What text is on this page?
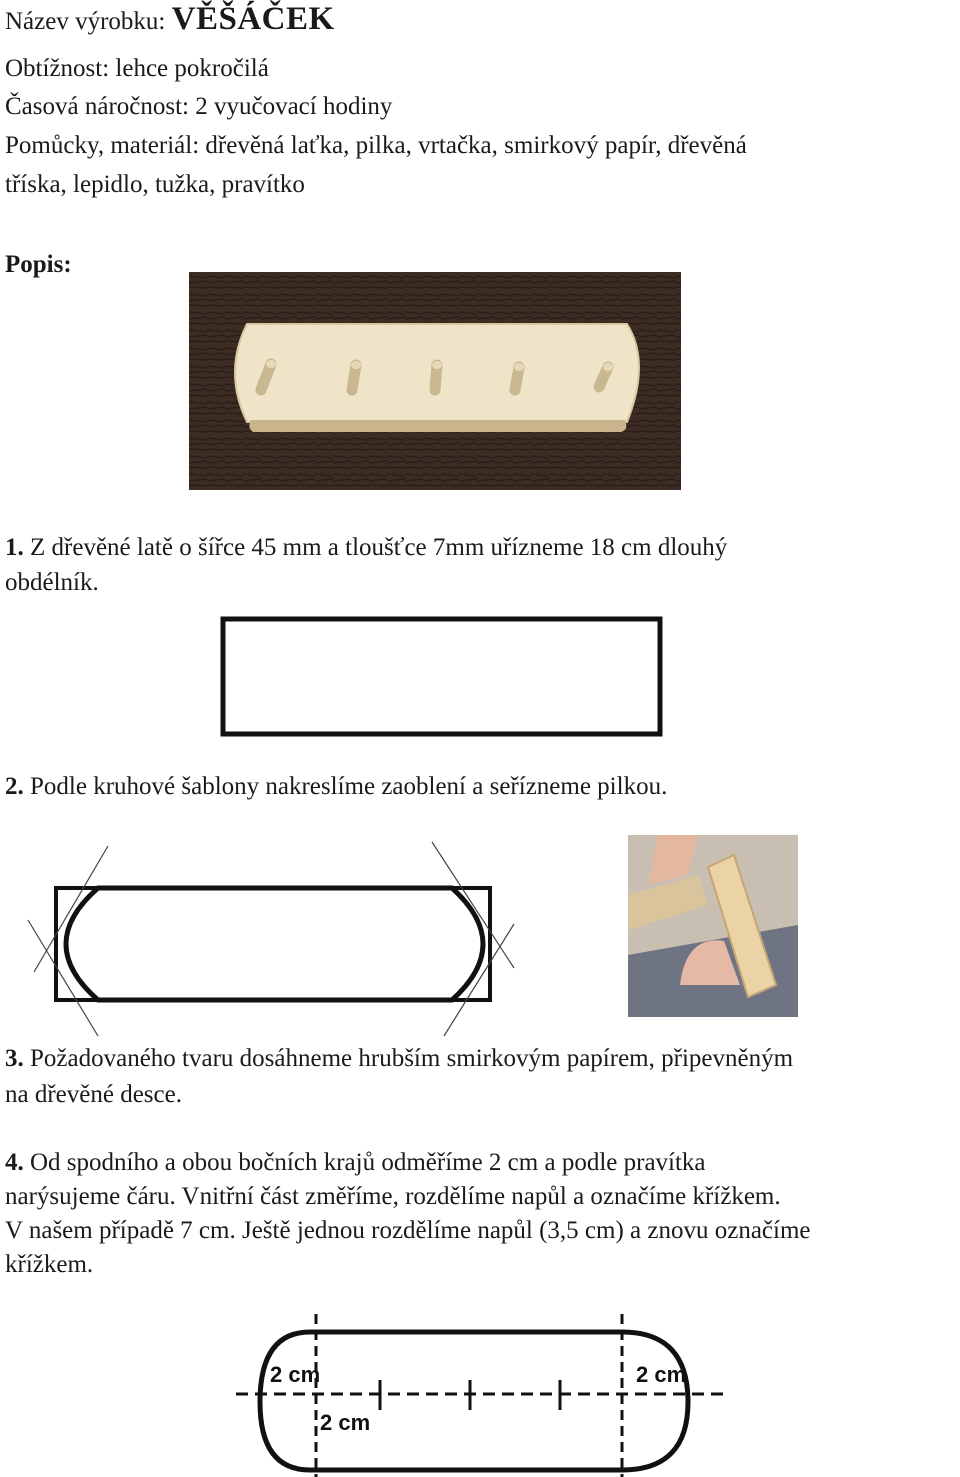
Název výrobku: VĚŠÁČEK
Obtížnost: lehce pokročilá
Časová náročnost: 2 vyučovací hodiny
Pomůcky, materiál: dřevěná laťka, pilka, vrtačka, smirkový papír, dřevěná
tříska, lepidlo, tužka, pravítko
Popis:
1. Z dřevěné latě o šířce 45 mm a tloušťce 7mm uřízneme 18 cm dlouhý
obdélník.
2. Podle kruhové šablony nakreslíme zaoblení a seřízneme pilkou.
3. Požadovaného tvaru dosáhneme hrubším smirkovým papírem, připevněným
na dřevěné desce.
4. Od spodního a obou bočních krajů odměříme 2 cm a podle pravítka
narýsujeme čáru. Vnitřní část změříme, rozdělíme napůl a označíme křížkem.
V našem případě 7 cm. Ještě jednou rozdělíme napůl (3,5 cm) a znovu označíme
křížkem.
2 cm	2 cm
2 cm
